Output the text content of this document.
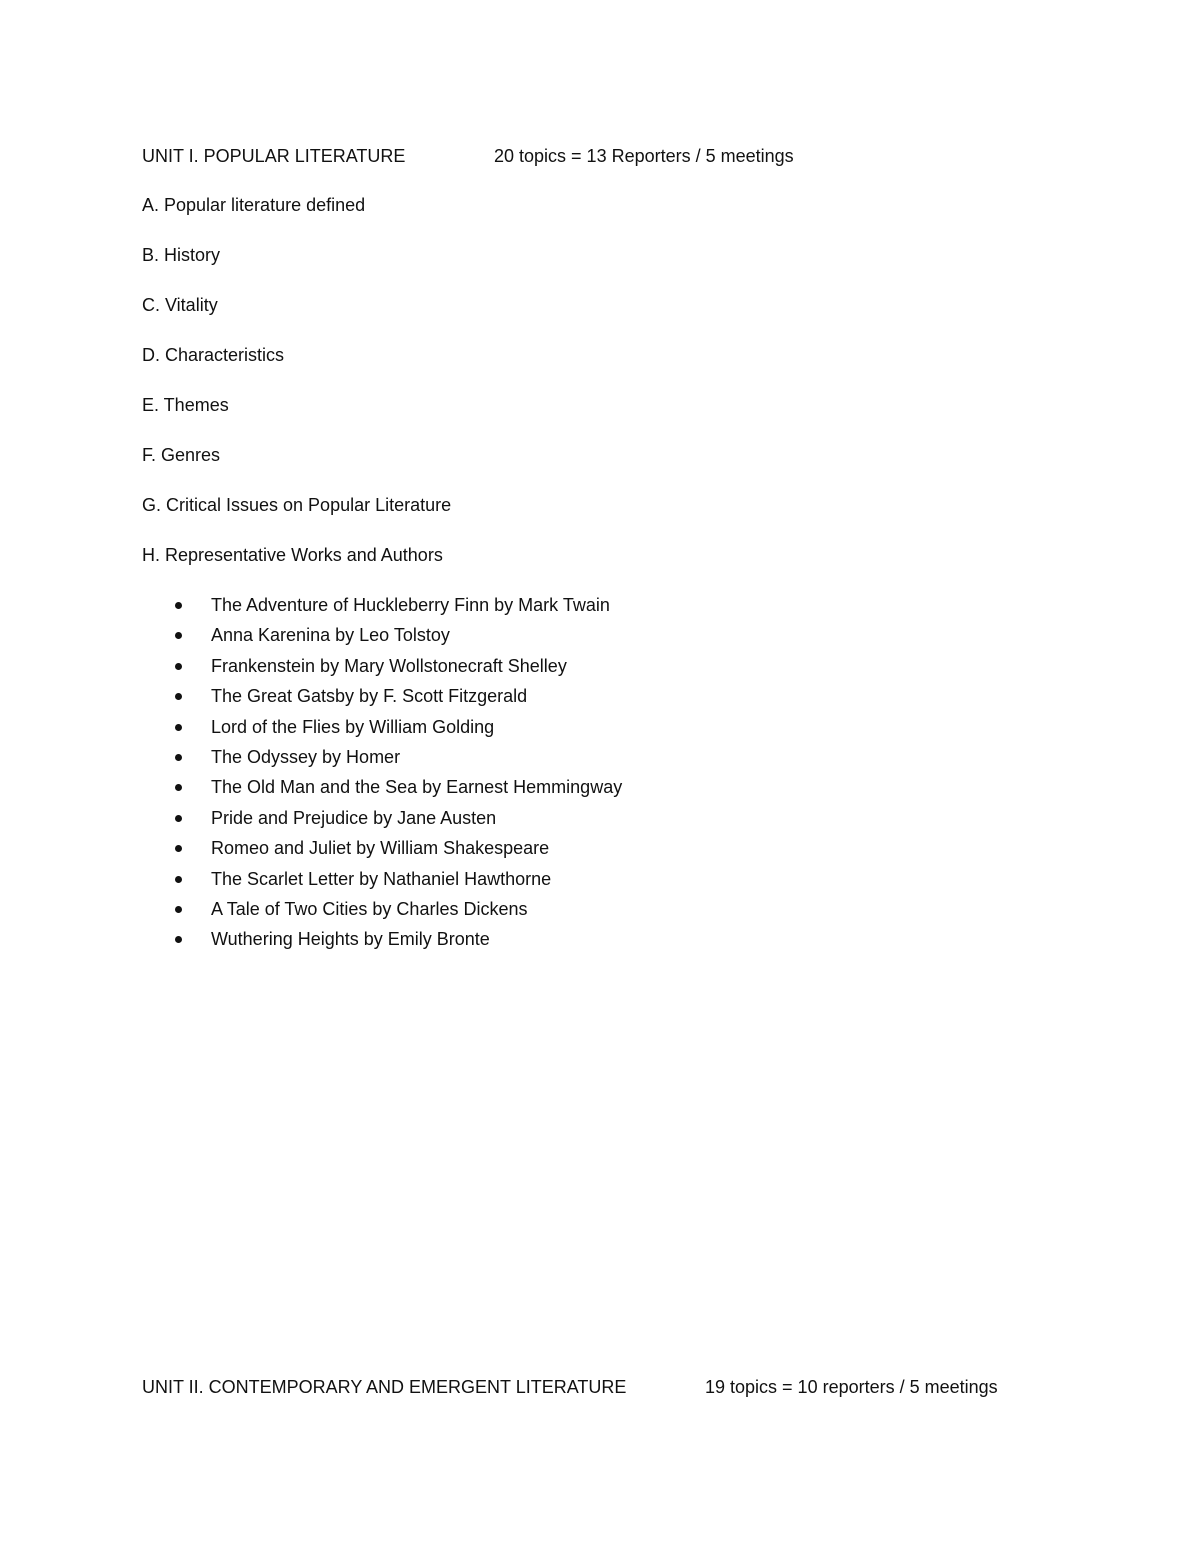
UNIT I. POPULAR LITERATURE	20 topics = 13 Reporters / 5 meetings
A. Popular literature defined
B. History
C. Vitality
D. Characteristics
E. Themes
F. Genres
G. Critical Issues on Popular Literature
H. Representative Works and Authors
The Adventure of Huckleberry Finn by Mark Twain
Anna Karenina by Leo Tolstoy
Frankenstein by Mary Wollstonecraft Shelley
The Great Gatsby by F. Scott Fitzgerald
Lord of the Flies by William Golding
The Odyssey by Homer
The Old Man and the Sea by Earnest Hemmingway
Pride and Prejudice by Jane Austen
Romeo and Juliet by William Shakespeare
The Scarlet Letter by Nathaniel Hawthorne
A Tale of Two Cities by Charles Dickens
Wuthering Heights by Emily Bronte
UNIT II. CONTEMPORARY AND EMERGENT LITERATURE	19 topics = 10 reporters / 5 meetings
